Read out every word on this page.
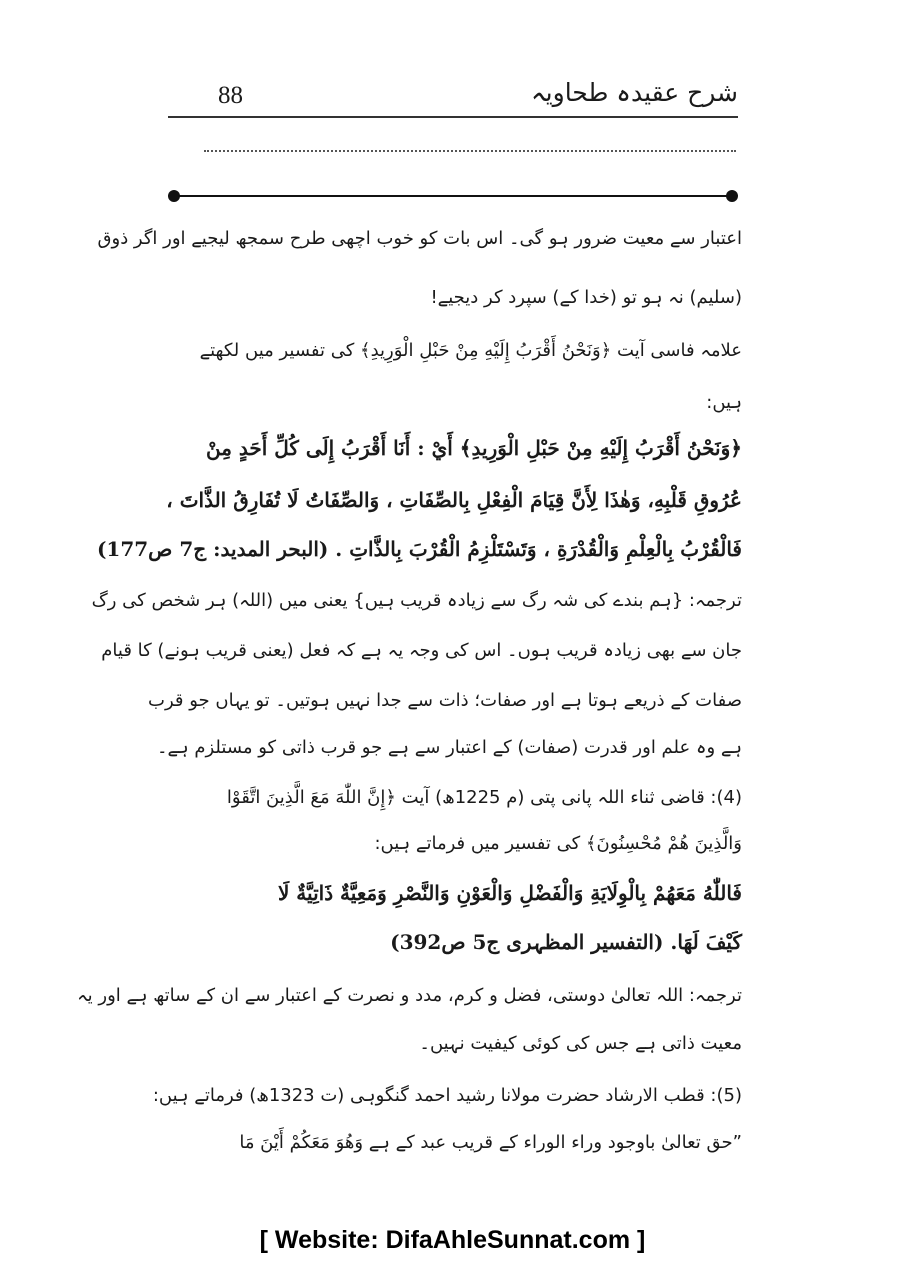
شرح عقیدہ طحاویہ
88
اعتبار سے معیت ضرور ہو گی۔ اس بات کو خوب اچھی طرح سمجھ لیجیے اور اگر ذوق
(سلیم) نہ ہو تو (خدا کے) سپرد کر دیجیے!
علامہ فاسی آیت ﴿وَنَحْنُ أَقْرَبُ إِلَيْهِ مِنْ حَبْلِ الْوَرِيدِ﴾ کی تفسیر میں لکھتے
ہیں:
﴿وَنَحْنُ أَقْرَبُ إِلَيْهِ مِنْ حَبْلِ الْوَرِيدِ﴾ أَيْ : أَنَا أَقْرَبُ إِلَى كُلِّ أَحَدٍ مِنْ
عُرُوقِ قَلْبِهِ، وَهٰذَا لِأَنَّ قِيَامَ الْفِعْلِ بِالصِّفَاتِ ، وَالصِّفَاتُ لَا تُفَارِقُ الذَّاتَ ،
فَالْقُرْبُ بِالْعِلْمِ وَالْقُدْرَةِ ، وَتَسْتَلْزِمُ الْقُرْبَ بِالذَّاتِ . (البحر المدید: ج7 ص177)
ترجمہ: {ہم بندے کی شہ رگ سے زیادہ قریب ہیں} یعنی میں (اللہ) ہر شخص کی رگ
جان سے بھی زیادہ قریب ہوں۔ اس کی وجہ یہ ہے کہ فعل (یعنی قریب ہونے) کا قیام
صفات کے ذریعے ہوتا ہے اور صفات؛ ذات سے جدا نہیں ہوتیں۔ تو یہاں جو قرب
ہے وہ علم اور قدرت (صفات) کے اعتبار سے ہے جو قرب ذاتی کو مستلزم ہے۔
(4): قاضی ثناء اللہ پانی پتی (م 1225ھ) آیت ﴿إِنَّ اللّٰهَ مَعَ الَّذِينَ اتَّقَوْا
وَالَّذِينَ هُمْ مُحْسِنُونَ﴾ کی تفسیر میں فرماتے ہیں:
فَاللّٰهُ مَعَهُمْ بِالْوِلَايَةِ وَالْفَضْلِ وَالْعَوْنِ وَالنَّصْرِ وَمَعِيَّةٌ ذَاتِيَّةٌ لَا
كَيْفَ لَهَا. (التفسیر المظہری ج5 ص392)
ترجمہ: اللہ تعالیٰ دوستی، فضل و کرم، مدد و نصرت کے اعتبار سے ان کے ساتھ ہے اور یہ
معیت ذاتی ہے جس کی کوئی کیفیت نہیں۔
(5): قطب الارشاد حضرت مولانا رشید احمد گنگوہی (ت 1323ھ) فرماتے ہیں:
”حق تعالیٰ باوجود وراء الوراء کے قریب عبد کے ہے وَهُوَ مَعَكُمْ أَيْنَ مَا
[ Website: DifaAhleSunnat.com ]
